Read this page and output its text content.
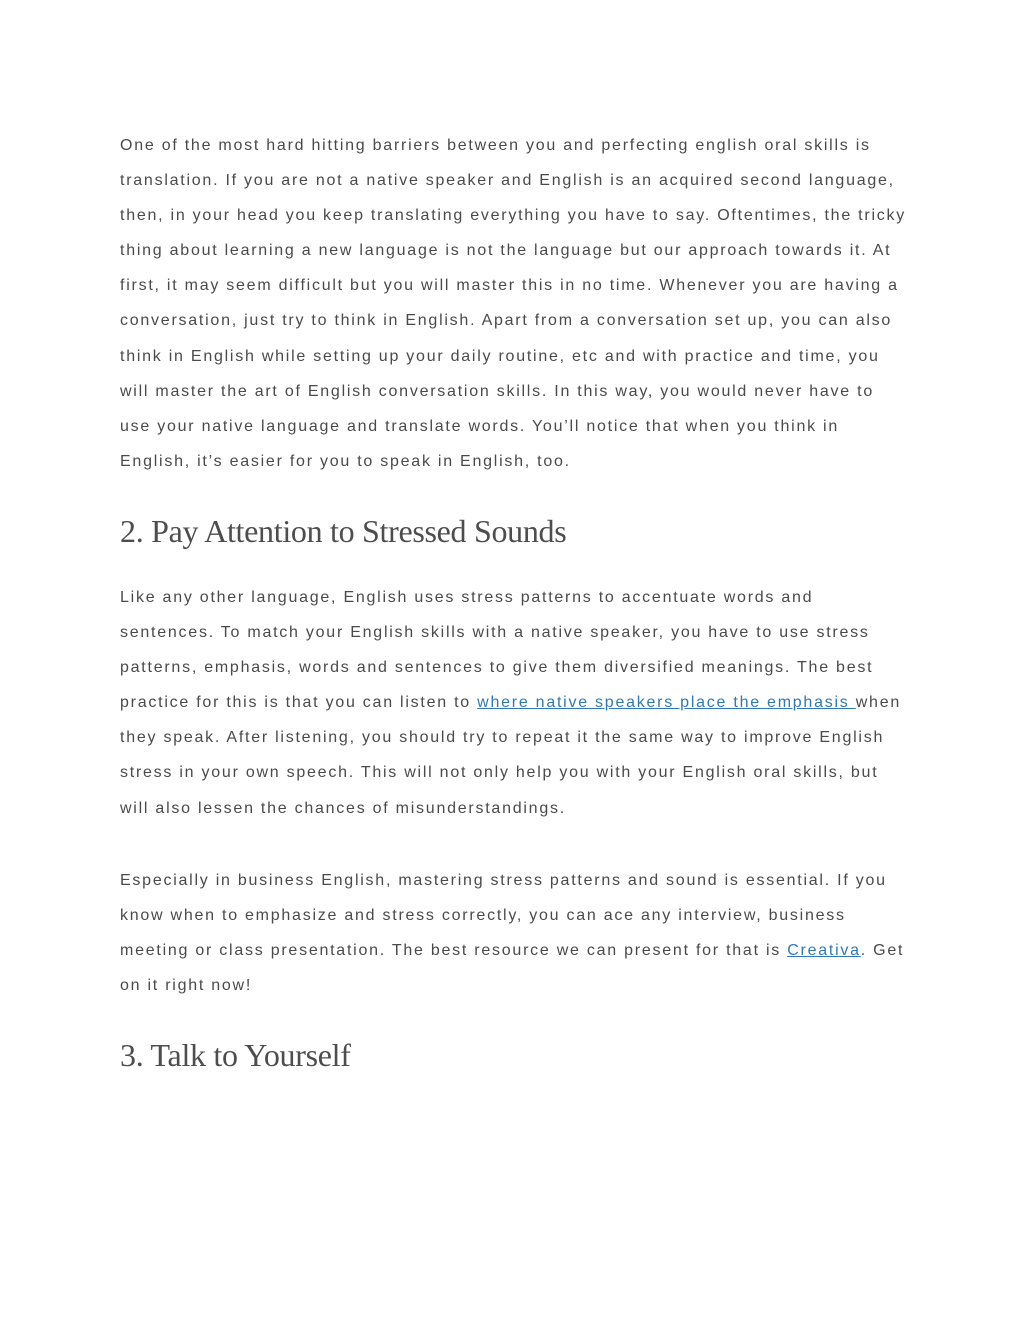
One of the most hard hitting barriers between you and perfecting english oral skills is translation. If you are not a native speaker and English is an acquired second language, then, in your head you keep translating everything you have to say. Oftentimes, the tricky thing about learning a new language is not the language but our approach towards it. At first, it may seem difficult but you will master this in no time. Whenever you are having a conversation, just try to think in English. Apart from a conversation set up, you can also think in English while setting up your daily routine, etc and with practice and time, you will master the art of English conversation skills. In this way, you would never have to use your native language and translate words. You’ll notice that when you think in English, it’s easier for you to speak in English, too.

2. Pay Attention to Stressed Sounds

Like any other language, English uses stress patterns to accentuate words and sentences. To match your English skills with a native speaker, you have to use stress patterns, emphasis, words and sentences to give them diversified meanings. The best practice for this is that you can listen to where native speakers place the emphasis when they speak. After listening, you should try to repeat it the same way to improve English stress in your own speech. This will not only help you with your English oral skills, but will also lessen the chances of misunderstandings.

Especially in business English, mastering stress patterns and sound is essential. If you know when to emphasize and stress correctly, you can ace any interview, business meeting or class presentation. The best resource we can present for that is Creativa. Get on it right now!

3. Talk to Yourself
